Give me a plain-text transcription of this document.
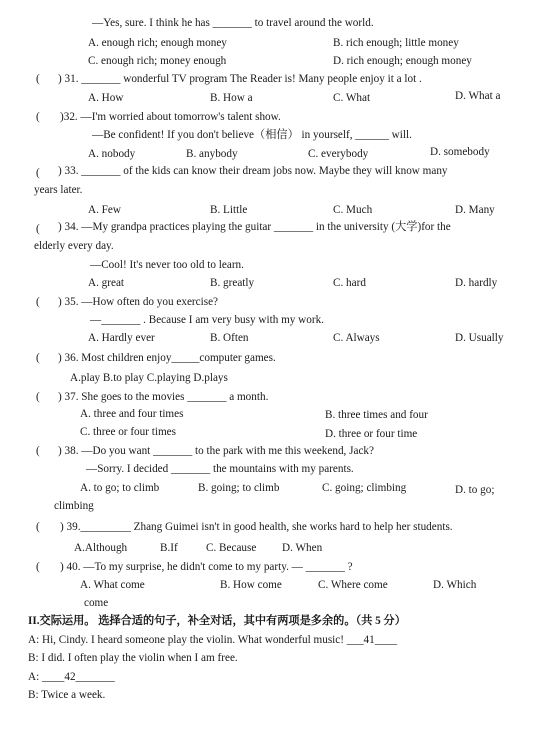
—Yes, sure. I think he has _______ to travel around the world.
A. enough rich; enough money	B. rich enough; little money
C. enough rich; money enough	D. rich enough; enough money
( ) 31. _______ wonderful TV program The Reader is! Many people enjoy it a lot .
A. How	B. How a	C. What	D. What a
( )32. —I'm worried about tomorrow's talent show.
—Be confident! If you don't believe（相信） in yourself, ______ will.
A. nobody	B. anybody	C. everybody	D. somebody
( ) 33. _______ of the kids can know their dream jobs now. Maybe they will know many
years later.
A. Few	B. Little	C. Much	D. Many
( ) 34. —My grandpa practices playing the guitar _______ in the university (大学)for the
elderly every day.
—Cool! It's never too old to learn.
A. great	B. greatly	C. hard	D. hardly
( ) 35. —How often do you exercise?
—_______ . Because I am very busy with my work.
A. Hardly ever	B. Often	C. Always	D. Usually
( ) 36. Most children enjoy_____computer games.
A.play B.to play C.playing D.plays
( ) 37. She goes to the movies _______ a month.
A. three and four times	B. three times and four
C. three or four times	D. three or four time
( ) 38. —Do you want _______ to the park with me this weekend, Jack?
—Sorry. I decided _______ the mountains with my parents.
A. to go; to climb	B. going; to climb	C. going; climbing	D. to go;
climbing
( ) 39._________ Zhang Guimei isn't in good health, she works hard to help her students.
A.Although	B.If	C. Because D. When
( ) 40. —To my surprise, he didn't come to my party. — _______ ?
A. What come	B. How come	C. Where come	D. Which
come
II.交际运用。 选择合适的句子，补全对话，其中有两项是多余的。（共 5 分）
A: Hi, Cindy. I heard someone play the violin. What wonderful music! ___41____
B: I did. I often play the violin when I am free.
A: ____42_______
B: Twice a week.
